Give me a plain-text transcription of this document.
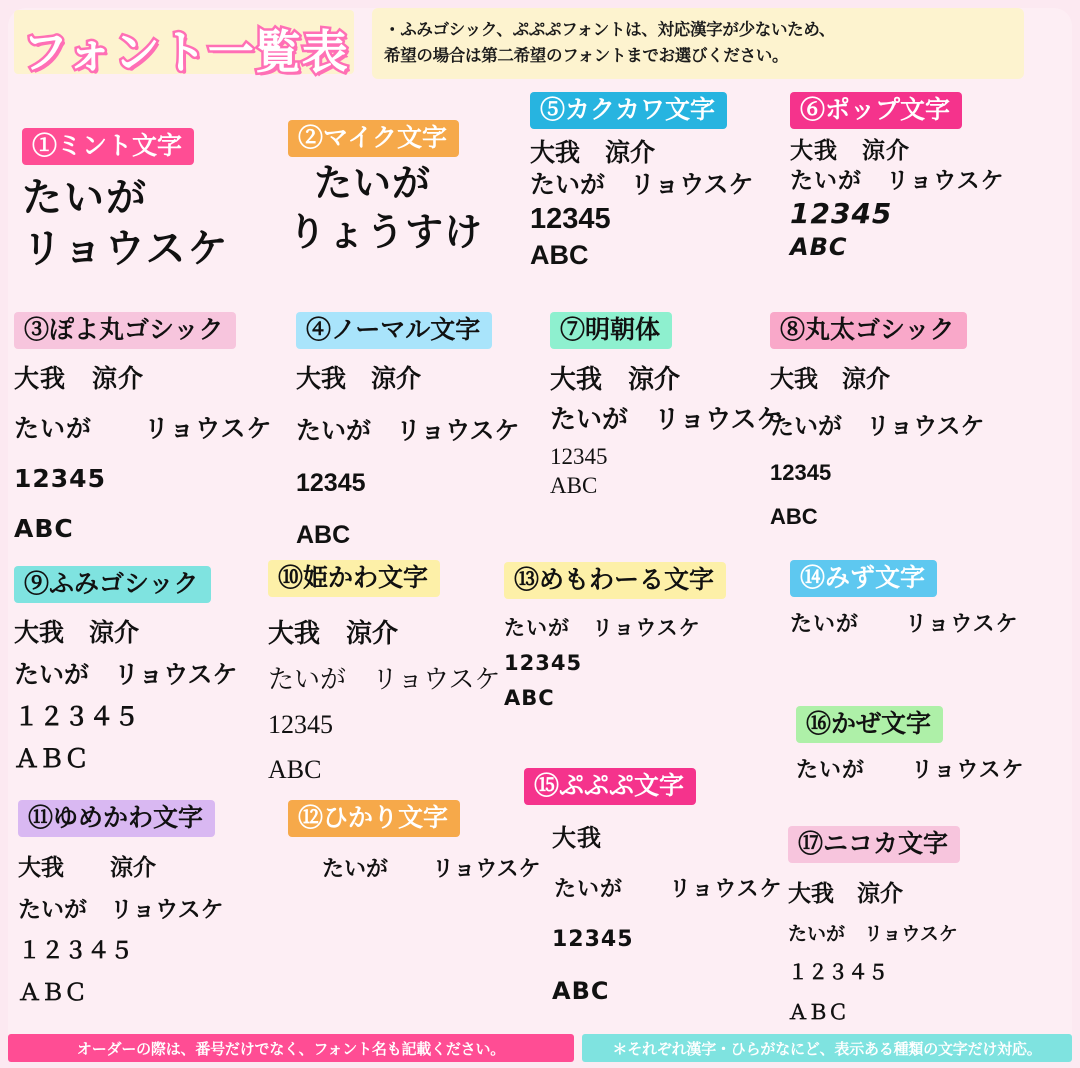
フォント一覧表 ・ふみゴシック、ぷぷぷフォントは、対応漢字が少ないため、
希望の場合は第二希望のフォントまでお選びください。
①ミント文字
たいが
リョウスケ
②マイク文字
たいが
りょうすけ
⑤カクカワ文字
大我　涼介
たいが　リョウスケ
12345
ABC
⑥ポップ文字
大我　涼介
たいが　リョウスケ
12345
ABC
③ぽよ丸ゴシック
大我　涼介
たいが　　リョウスケ
12345
ABC
④ノーマル文字
大我　涼介
たいが　リョウスケ
12345
ABC
⑦明朝体
大我　涼介
たいが　リョウスケ
12345
ABC
⑧丸太ゴシック
大我　涼介
たいが　リョウスケ
12345
ABC
⑨ふみゴシック
大我　涼介
たいが　リョウスケ
１２３４５
ＡＢＣ
⑩姫かわ文字
大我　涼介
たいが　リョウスケ
12345
ABC
⑬めもわーる文字
たいが　リョウスケ
12345
ABC
⑭みず文字
たいが　　リョウスケ
⑯かぜ文字
たいが　　リョウスケ
⑪ゆめかわ文字
大我　　涼介
たいが　リョウスケ
１２３４５
ＡＢＣ
⑫ひかり文字
たいが　　リョウスケ
⑮ぷぷぷ文字
大我
たいが　　リョウスケ
12345
ABC
⑰ニコカ文字
大我　涼介
たいが　リョウスケ
１２３４５
ＡＢＣ
オーダーの際は、番号だけでなく、フォント名も記載ください。	＊それぞれ漢字・ひらがなにど、表示ある種類の文字だけ対応。
